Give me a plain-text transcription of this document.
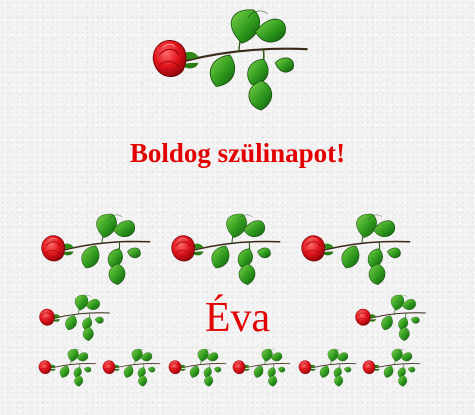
Boldog szülinapot!
Éva
